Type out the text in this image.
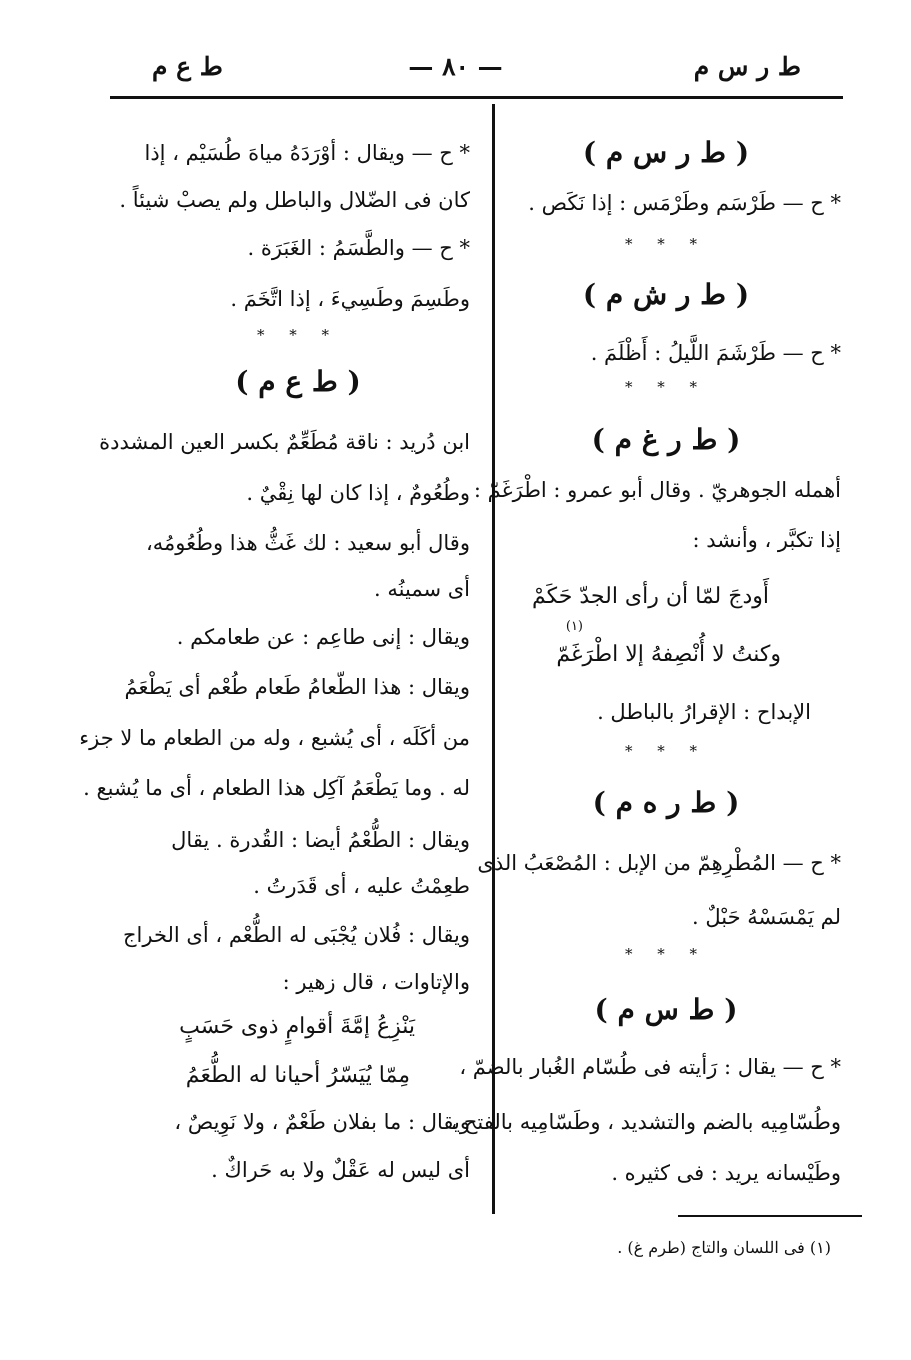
ط ر س م
— ٨٠ —
ط ع م
( ط ر س م )
* ح — طَرْسَم وطَرْمَس : إذا نَكَص .
* * *
( ط ر ش م )
* ح — طَرْشَمَ اللَّيلُ : أَظْلَمَ .
* * *
( ط ر غ م )
أهمله الجوهريّ . وقال أبو عمرو : اطْرَغَمّ :
إذا تكبَّر ، وأنشد :
أَودجَ لمّا أن رأى الجدّ حَكَمْ
وكنتُ لا أُنْصِفهُ إلا اطْرَغَمّ
الإبداح : الإقرارُ بالباطل .
* * *
( ط ر ه م )
* ح — المُطْرِهِمّ من الإبل : المُصْعَبُ الذى
لم يَمْسَسْهُ حَبْلٌ .
* * *
( ط س م )
* ح — يقال : رَأيته فى طُسّام الغُبار بالضمّ ،
وطُسّامِيه بالضم والتشديد ، وطَسّامِيه بالفتح ،
وطَيْسانه يريد : فى كثيره .
(١)
* ح — ويقال : أوْرَدَهُ مياهَ طُسَيْم ، إذا
كان فى الضّلال والباطل ولم يصبْ شيئاً .
* ح — والطَّسَمُ : الغَبَرَة .
وطَسِمَ وطَسِيءَ ، إذا اتَّخَمَ .
* * *
( ط ع م )
ابن دُريد : ناقة مُطَعِّمٌ بكسر العين المشددة
وطُعُومٌ ، إذا كان لها نِقْيٌ .
وقال أبو سعيد : لك غَثُّ هذا وطُعُومُه،
أى سمينُه .
ويقال : إنى طاعِم : عن طعامكم .
ويقال : هذا الطّعامُ طَعام طُعْم أى يَطْعَمُ
من أكَلَه ، أى يُشبع ، وله من الطعام ما لا جزء
له . وما يَطْعَمُ آكِل هذا الطعام ، أى ما يُشبع .
ويقال : الطُّعْمُ أيضا : القُدرة . يقال
طعِمْتُ عليه ، أى قَدَرتُ .
ويقال : فُلان يُجْبَى له الطُّعْم ، أى الخراج
والإتاوات ، قال زهير :
يَنْزِعُ إمَّةَ أقوامٍ ذوى حَسَبٍ
مِمّا يُيَسّرُ أحيانا له الطُّعَمُ
ويقال : ما بفلان طَعْمٌ ، ولا نَوِيصٌ ،
أى ليس له عَقْلٌ ولا به حَراكٌ .
(١) فى اللسان والتاج (طرم غ) .
